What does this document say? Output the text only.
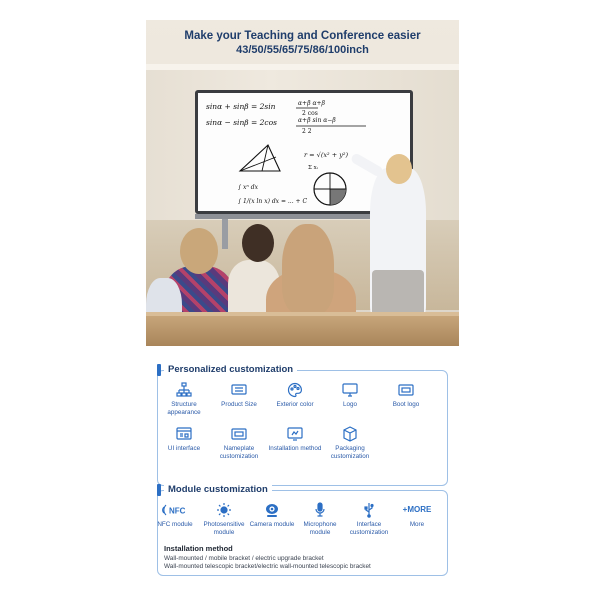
Make your Teaching and Conference easier
43/50/55/65/75/86/100inch
sinα + sinβ = 2sin
sinα − sinβ = 2cos
α+β α+β
2 cos
α+β sin α−β
2 2
r = √(x² + y²)
Σ xᵢ
∫ xⁿ dx
∫ 1/(x ln x) dx = ... + C
Personalized customization
Structure appearance
Product Size	Exterior color	Logo	Boot logo
UI interface	Nameplate customization
Installation method	Packaging customization
Module customization
NFC
NFC module	Photosensitive module
Camera module	Microphone module
Interface customization
+MORE
More
Installation method
Wall-mounted / mobile bracket / electric upgrade bracket
Wall-mounted telescopic bracket/electric wall-mounted telescopic bracket
